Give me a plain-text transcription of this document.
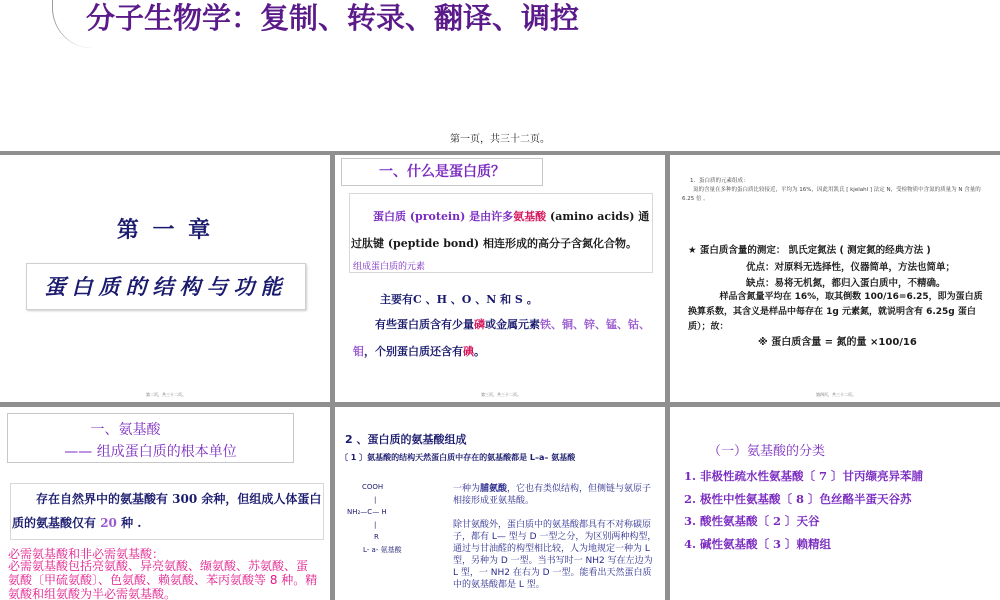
分子生物学：复制、转录、翻译、调控
第一页，共三十二页。
第 一 章
蛋白质的结构与功能
第二页，共三十二页。
一、什么是蛋白质？
蛋白质 (protein) 是由许多氨基酸 (amino acids) 通过肽键 (peptide bond) 相连形成的高分子含氮化合物。
组成蛋白质的元素
主要有C 、H 、O 、N 和 S 。
有些蛋白质含有少量磷或金属元素铁、铜、锌、锰、钴、钼，个别蛋白质还含有碘。
第三页，共三十二页。
1．蛋白质的元素组成：
氮的含量在多种的蛋白质比较接近，平均为 16%，因此用凯氏 [ kjelahl ] 法定 N，受检物质中含氮的质量为 N 含量的 6.25 倍 。
★ 蛋白质含量的测定： 凯氏定氮法 ( 测定氮的经典方法 )
优点：对原料无选择性，仪器简单，方法也简单；
缺点：易将无机氮，都归入蛋白质中，不精确。
样品含氮量平均在 16%，取其倒数 100/16=6.25，即为蛋白质换算系数，其含义是样品中每存在 1g 元素氮，就说明含有 6.25g 蛋白质）；故：
※ 蛋白质含量 = 氮的量 ×100/16
第四页，共三十二页。
一、氨基酸
—— 组成蛋白质的根本单位
存在自然界中的氨基酸有 300 余种，但组成人体蛋白质的氨基酸仅有 20 种 .
必需氨基酸和非必需氨基酸：
必需氨基酸包括亮氨酸、异亮氨酸、缬氨酸、苏氨酸、蛋氨酸〔甲硫氨酸〕、色氨酸、赖氨酸、苯丙氨酸等 8 种。精氨酸和组氨酸为半必需氨基酸。
2 、蛋白质的氨基酸组成
〔 1 〕氨基酸的结构天然蛋白质中存在的氨基酸都是 L–a– 氨基酸
COOH
|
NH₂—C— H
|
R
L- a- 氨基酸
一种为脯氨酸，它也有类似结构，但侧链与氨原子相接形成亚氨基酸。
除甘氨酸外，蛋白质中的氨基酸都具有不对称碳原子，都有 L— 型与 D 一型之分，为区别两种构型，通过与甘油醛的构型相比较，人为地规定一种为 L 型，另种为 D 一型。当书写时一 NH2 写在左边为 L 型，一 NH2 在右为 D 一型。能看出天然蛋白质中的氨基酸都是 L 型。
（一）氨基酸的分类
1. 非极性疏水性氨基酸〔 7 〕甘丙缬亮异苯脯
2. 极性中性氨基酸〔 8 〕色丝酪半蛋天谷苏
3. 酸性氨基酸〔 2 〕天谷
4. 碱性氨基酸〔 3 〕赖精组
